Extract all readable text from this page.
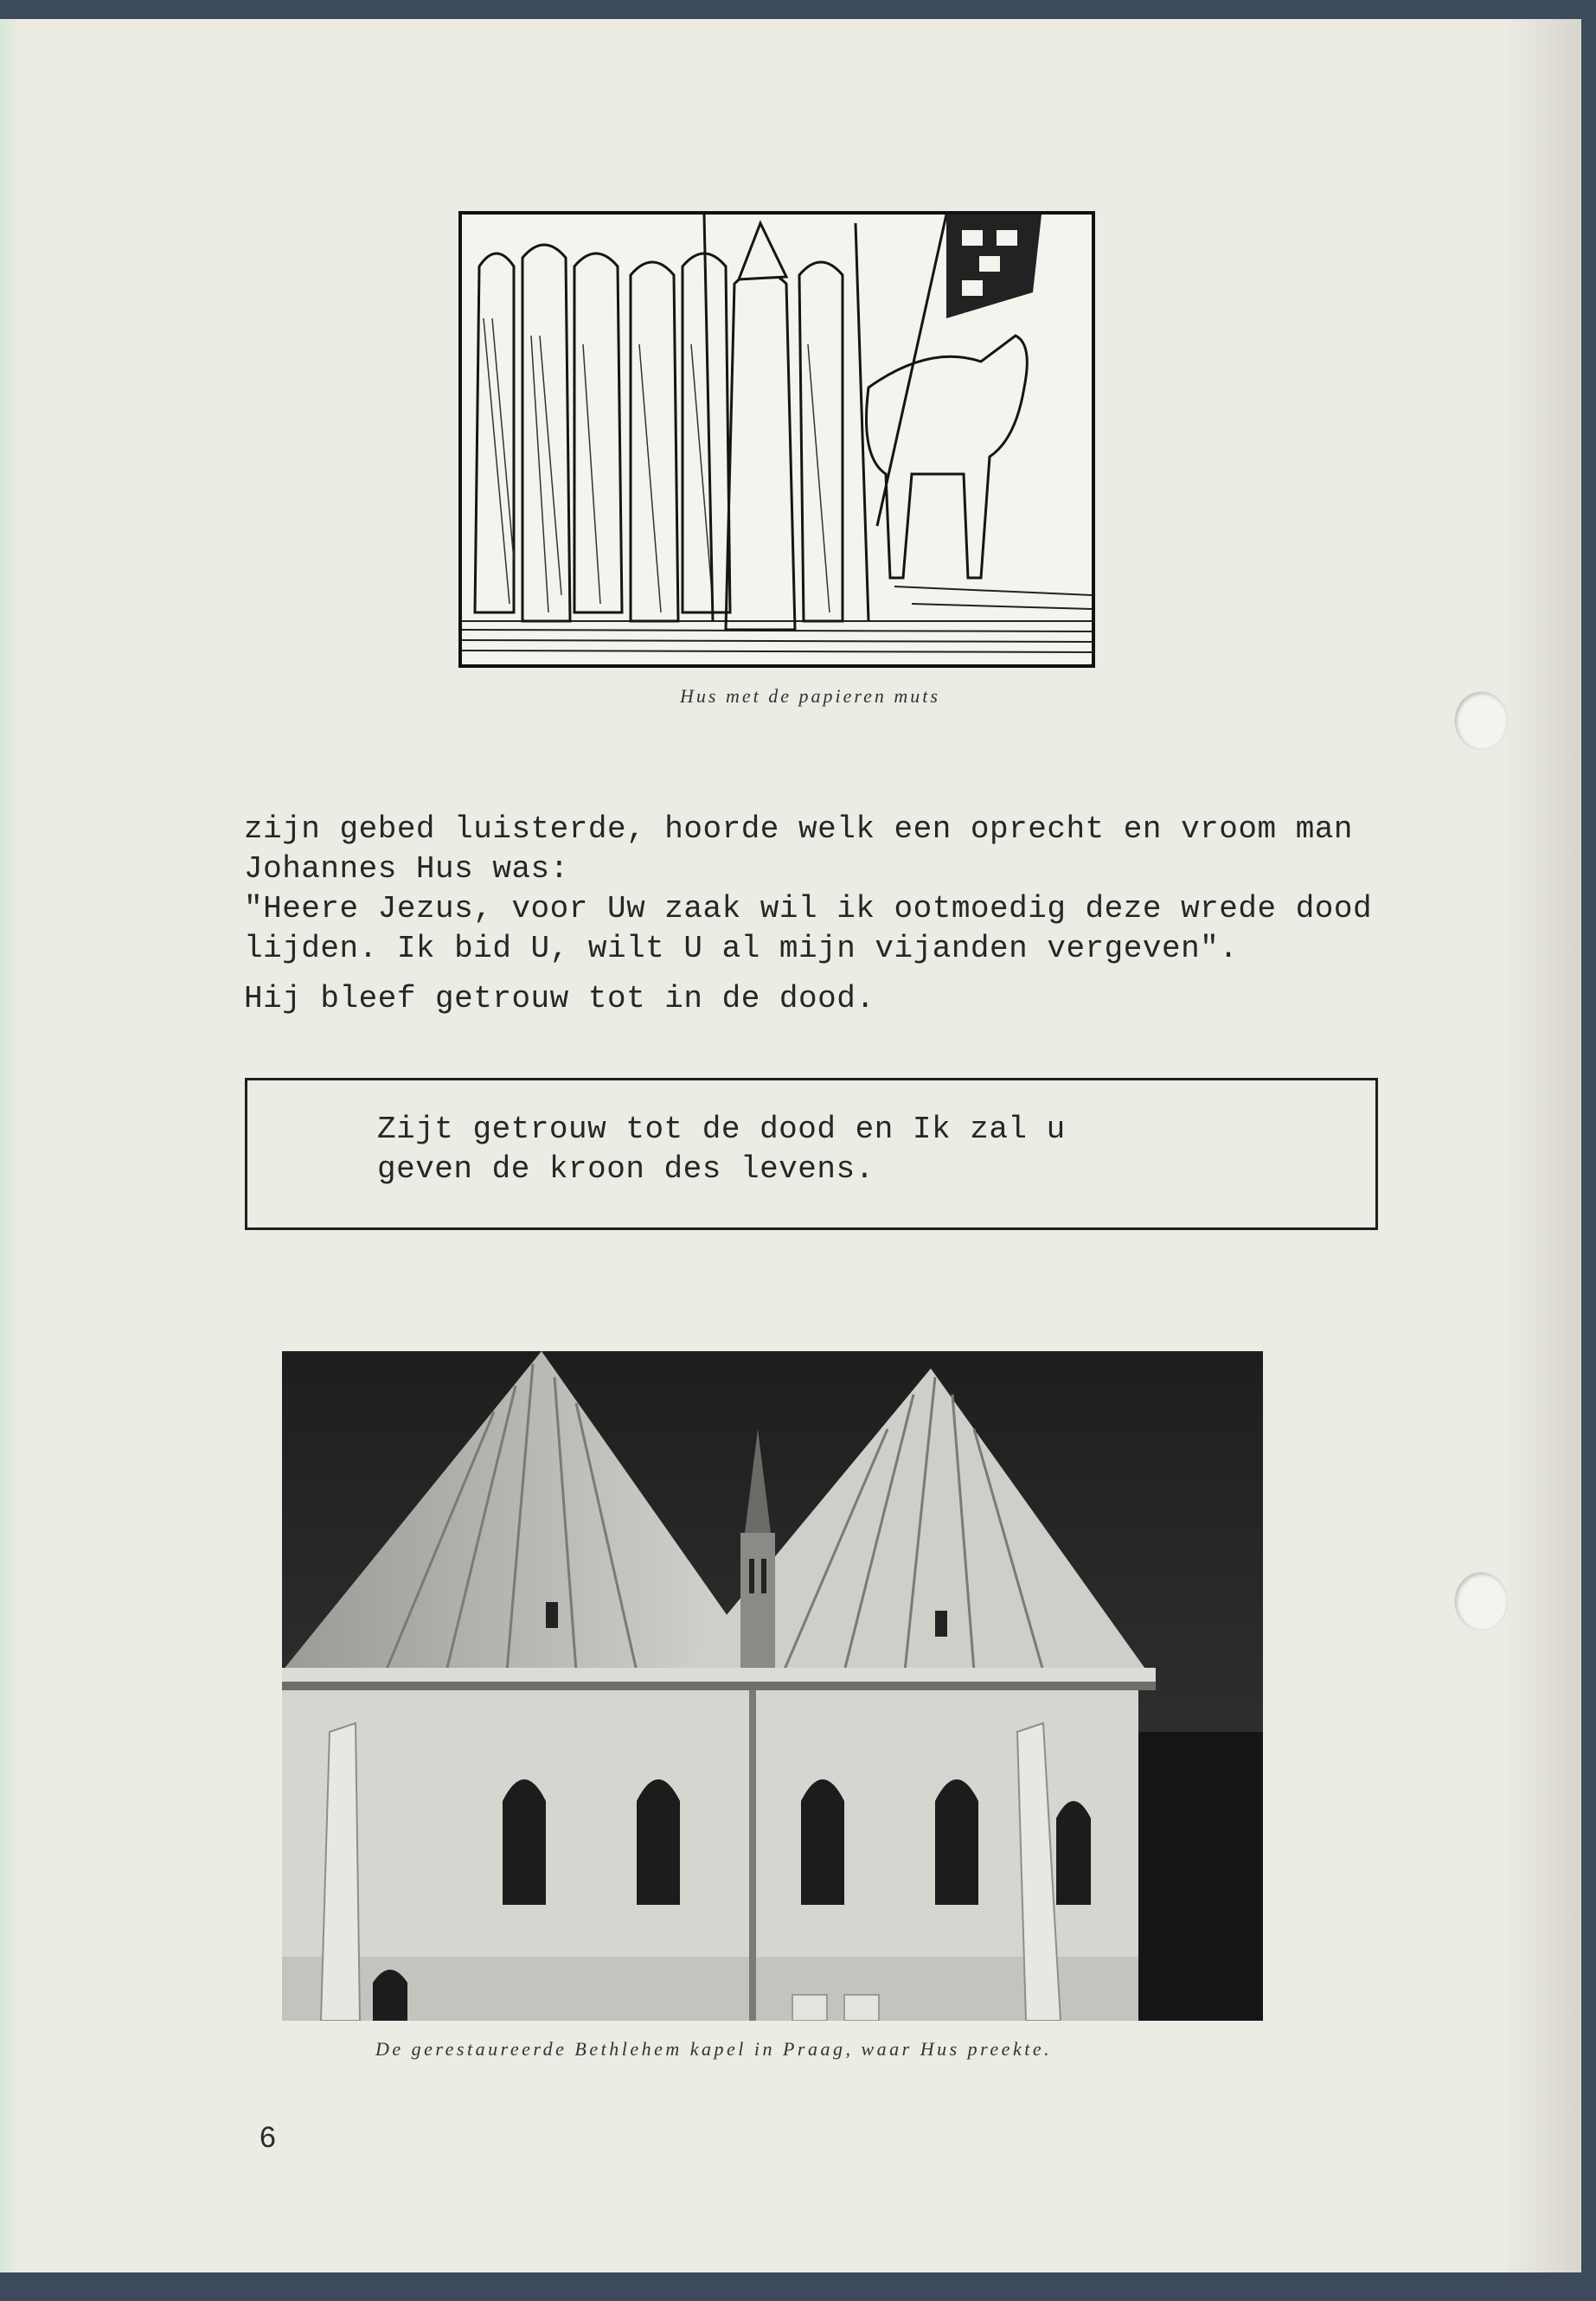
Hus met de papieren muts
zijn gebed luisterde, hoorde welk een oprecht en vroom man
Johannes Hus was:
"Heere Jezus, voor Uw zaak wil ik ootmoedig deze wrede dood
lijden. Ik bid U, wilt U al mijn vijanden vergeven".
Hij bleef getrouw tot in de dood.
Zijt getrouw tot de dood en Ik zal u
geven de kroon des levens.
De gerestaureerde Bethlehem kapel in Praag, waar Hus preekte.
6
